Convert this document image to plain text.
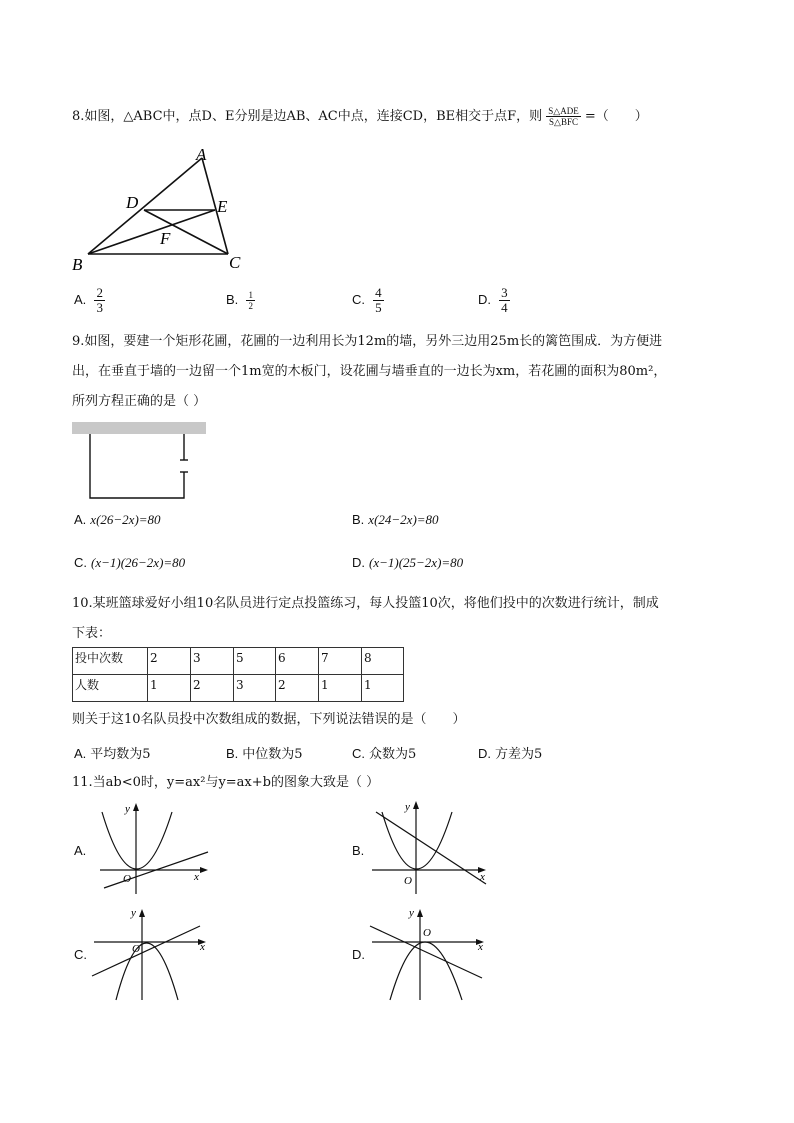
8.如图，△ABC中，点D、E分别是边AB、AC中点，连接CD，BE相交于点F，则 $\frac{\text{S△ADE}}{\text{S△BFC}}$ =（　　）
A
B	C
D	E
F
A. $\frac{2}{3}$	B. $\frac{1}{2}$	C. $\frac{4}{5}$	D. $\frac{3}{4}$
9.如图，要建一个矩形花圃，花圃的一边利用长为12m的墙，另外三边用25m长的篱笆围成．为方便进
出，在垂直于墙的一边留一个1m宽的木板门，设花圃与墙垂直的一边长为xm，若花圃的面积为80m²，
所列方程正确的是（ ）
A. x(26−2x)=80	B. x(24−2x)=80
C. (x−1)(26−2x)=80	D. (x−1)(25−2x)=80
10.某班篮球爱好小组10名队员进行定点投篮练习，每人投篮10次，将他们投中的次数进行统计，制成
下表：
投中次数	2	3	5	6	7	8
人数	1	2	3	2	1	1
则关于这10名队员投中次数组成的数据，下列说法错误的是（　　）
A. 平均数为5	B. 中位数为5	C. 众数为5	D. 方差为5
11.当ab<0时，y=ax²与y=ax+b的图象大致是（ ）
A.
O
y
x
B.
O
y
x
C.	O
y
x	D.
O
y
x
